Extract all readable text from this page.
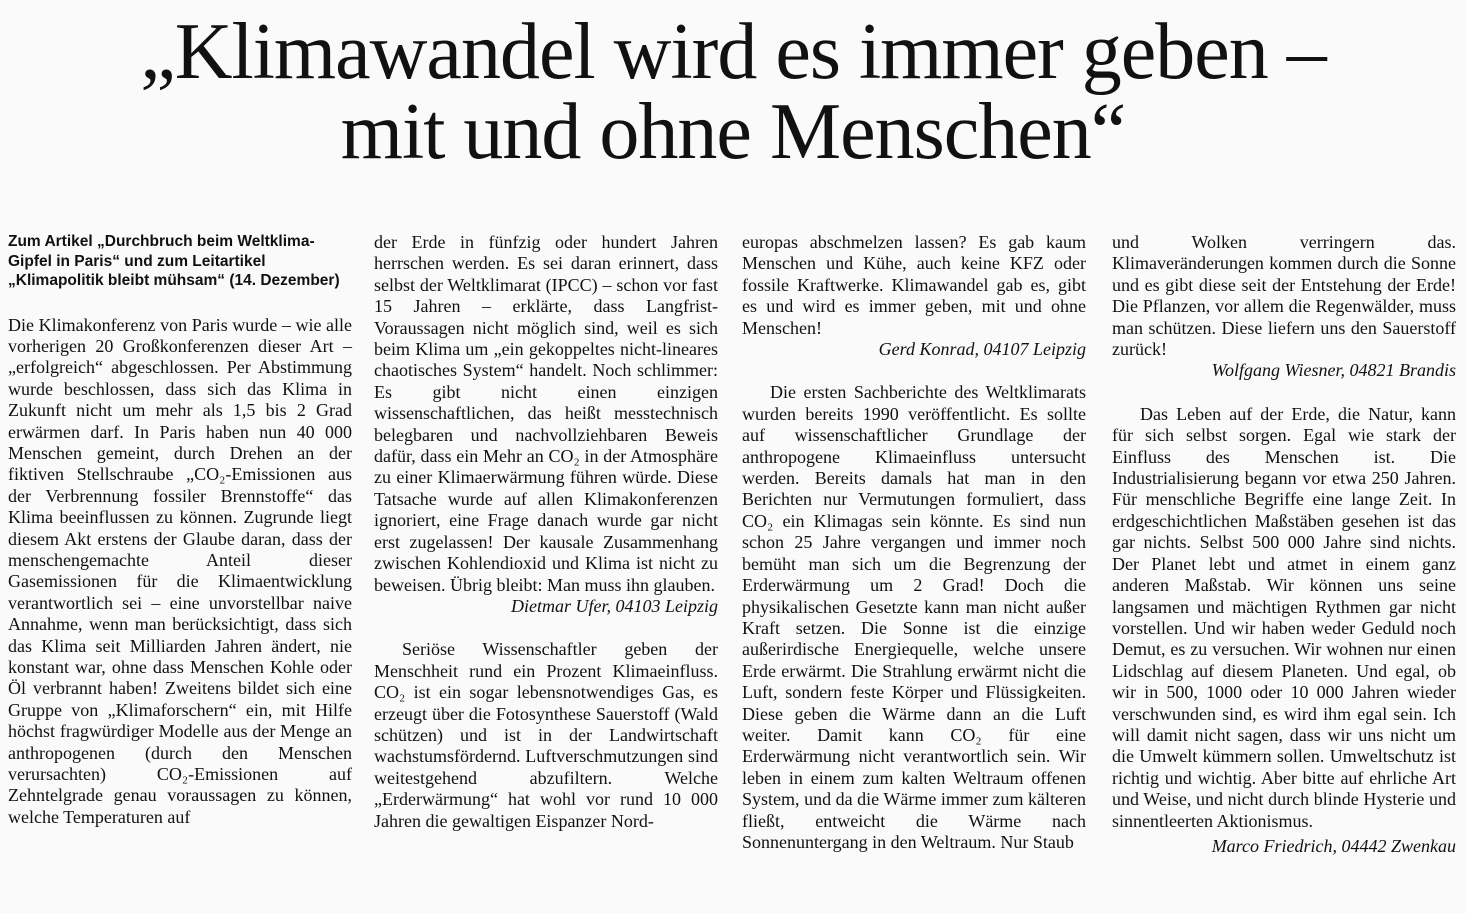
„Klimawandel wird es immer geben –
mit und ohne Menschen“

Zum Artikel „Durchbruch beim Weltklima-Gipfel in Paris“ und zum Leitartikel „Klimapolitik bleibt mühsam“ (14. Dezember)

Die Klimakonferenz von Paris wurde – wie alle vorherigen 20 Großkonferenzen dieser Art – „erfolgreich“ abgeschlossen. Per Abstimmung wurde beschlossen, dass sich das Klima in Zukunft nicht um mehr als 1,5 bis 2 Grad erwärmen darf. In Paris haben nun 40 000 Menschen gemeint, durch Drehen an der fiktiven Stellschraube „CO₂-Emissionen aus der Verbrennung fossiler Brennstoffe“ das Klima beeinflussen zu können. Zugrunde liegt diesem Akt erstens der Glaube daran, dass der menschengemachte Anteil dieser Gasemissionen für die Klimaentwicklung verantwortlich sei – eine unvorstellbar naive Annahme, wenn man berücksichtigt, dass sich das Klima seit Milliarden Jahren ändert, nie konstant war, ohne dass Menschen Kohle oder Öl verbrannt haben! Zweitens bildet sich eine Gruppe von „Klimaforschern“ ein, mit Hilfe höchst fragwürdiger Modelle aus der Menge an anthropogenen (durch den Menschen verursachten) CO₂-Emissionen auf Zehntelgrade genau voraussagen zu können, welche Temperaturen auf

der Erde in fünfzig oder hundert Jahren herrschen werden. Es sei daran erinnert, dass selbst der Weltklimarat (IPCC) – schon vor fast 15 Jahren – erklärte, dass Langfrist-Voraussagen nicht möglich sind, weil es sich beim Klima um „ein gekoppeltes nicht-lineares chaotisches System“ handelt. Noch schlimmer: Es gibt nicht einen einzigen wissenschaftlichen, das heißt messtechnisch belegbaren und nachvollziehbaren Beweis dafür, dass ein Mehr an CO₂ in der Atmosphäre zu einer Klimaerwärmung führen würde. Diese Tatsache wurde auf allen Klimakonferenzen ignoriert, eine Frage danach wurde gar nicht erst zugelassen! Der kausale Zusammenhang zwischen Kohlendioxid und Klima ist nicht zu beweisen. Übrig bleibt: Man muss ihn glauben.

Dietmar Ufer, 04103 Leipzig

Seriöse Wissenschaftler geben der Menschheit rund ein Prozent Klimaeinfluss. CO₂ ist ein sogar lebensnotwendiges Gas, es erzeugt über die Fotosynthese Sauerstoff (Wald schützen) und ist in der Landwirtschaft wachstumsfördernd. Luftverschmutzungen sind weitestgehend abzufiltern. Welche „Erderwärmung“ hat wohl vor rund 10 000 Jahren die gewaltigen Eispanzer Nord-

europas abschmelzen lassen? Es gab kaum Menschen und Kühe, auch keine KFZ oder fossile Kraftwerke. Klimawandel gab es, gibt es und wird es immer geben, mit und ohne Menschen!

Gerd Konrad, 04107 Leipzig

Die ersten Sachberichte des Weltklimarats wurden bereits 1990 veröffentlicht. Es sollte auf wissenschaftlicher Grundlage der anthropogene Klimaeinfluss untersucht werden. Bereits damals hat man in den Berichten nur Vermutungen formuliert, dass CO₂ ein Klimagas sein könnte. Es sind nun schon 25 Jahre vergangen und immer noch bemüht man sich um die Begrenzung der Erderwärmung um 2 Grad! Doch die physikalischen Gesetzte kann man nicht außer Kraft setzen. Die Sonne ist die einzige außerirdische Energiequelle, welche unsere Erde erwärmt. Die Strahlung erwärmt nicht die Luft, sondern feste Körper und Flüssigkeiten. Diese geben die Wärme dann an die Luft weiter. Damit kann CO₂ für eine Erderwärmung nicht verantwortlich sein. Wir leben in einem zum kalten Weltraum offenen System, und da die Wärme immer zum kälteren fließt, entweicht die Wärme nach Sonnenuntergang in den Weltraum. Nur Staub

und Wolken verringern das. Klimaveränderungen kommen durch die Sonne und es gibt diese seit der Entstehung der Erde! Die Pflanzen, vor allem die Regenwälder, muss man schützen. Diese liefern uns den Sauerstoff zurück!

Wolfgang Wiesner, 04821 Brandis

Das Leben auf der Erde, die Natur, kann für sich selbst sorgen. Egal wie stark der Einfluss des Menschen ist. Die Industrialisierung begann vor etwa 250 Jahren. Für menschliche Begriffe eine lange Zeit. In erdgeschichtlichen Maßstäben gesehen ist das gar nichts. Selbst 500 000 Jahre sind nichts. Der Planet lebt und atmet in einem ganz anderen Maßstab. Wir können uns seine langsamen und mächtigen Rythmen gar nicht vorstellen. Und wir haben weder Geduld noch Demut, es zu versuchen. Wir wohnen nur einen Lidschlag auf diesem Planeten. Und egal, ob wir in 500, 1000 oder 10 000 Jahren wieder verschwunden sind, es wird ihm egal sein. Ich will damit nicht sagen, dass wir uns nicht um die Umwelt kümmern sollen. Umweltschutz ist richtig und wichtig. Aber bitte auf ehrliche Art und Weise, und nicht durch blinde Hysterie und sinnentleerten Aktionismus.

Marco Friedrich, 04442 Zwenkau
